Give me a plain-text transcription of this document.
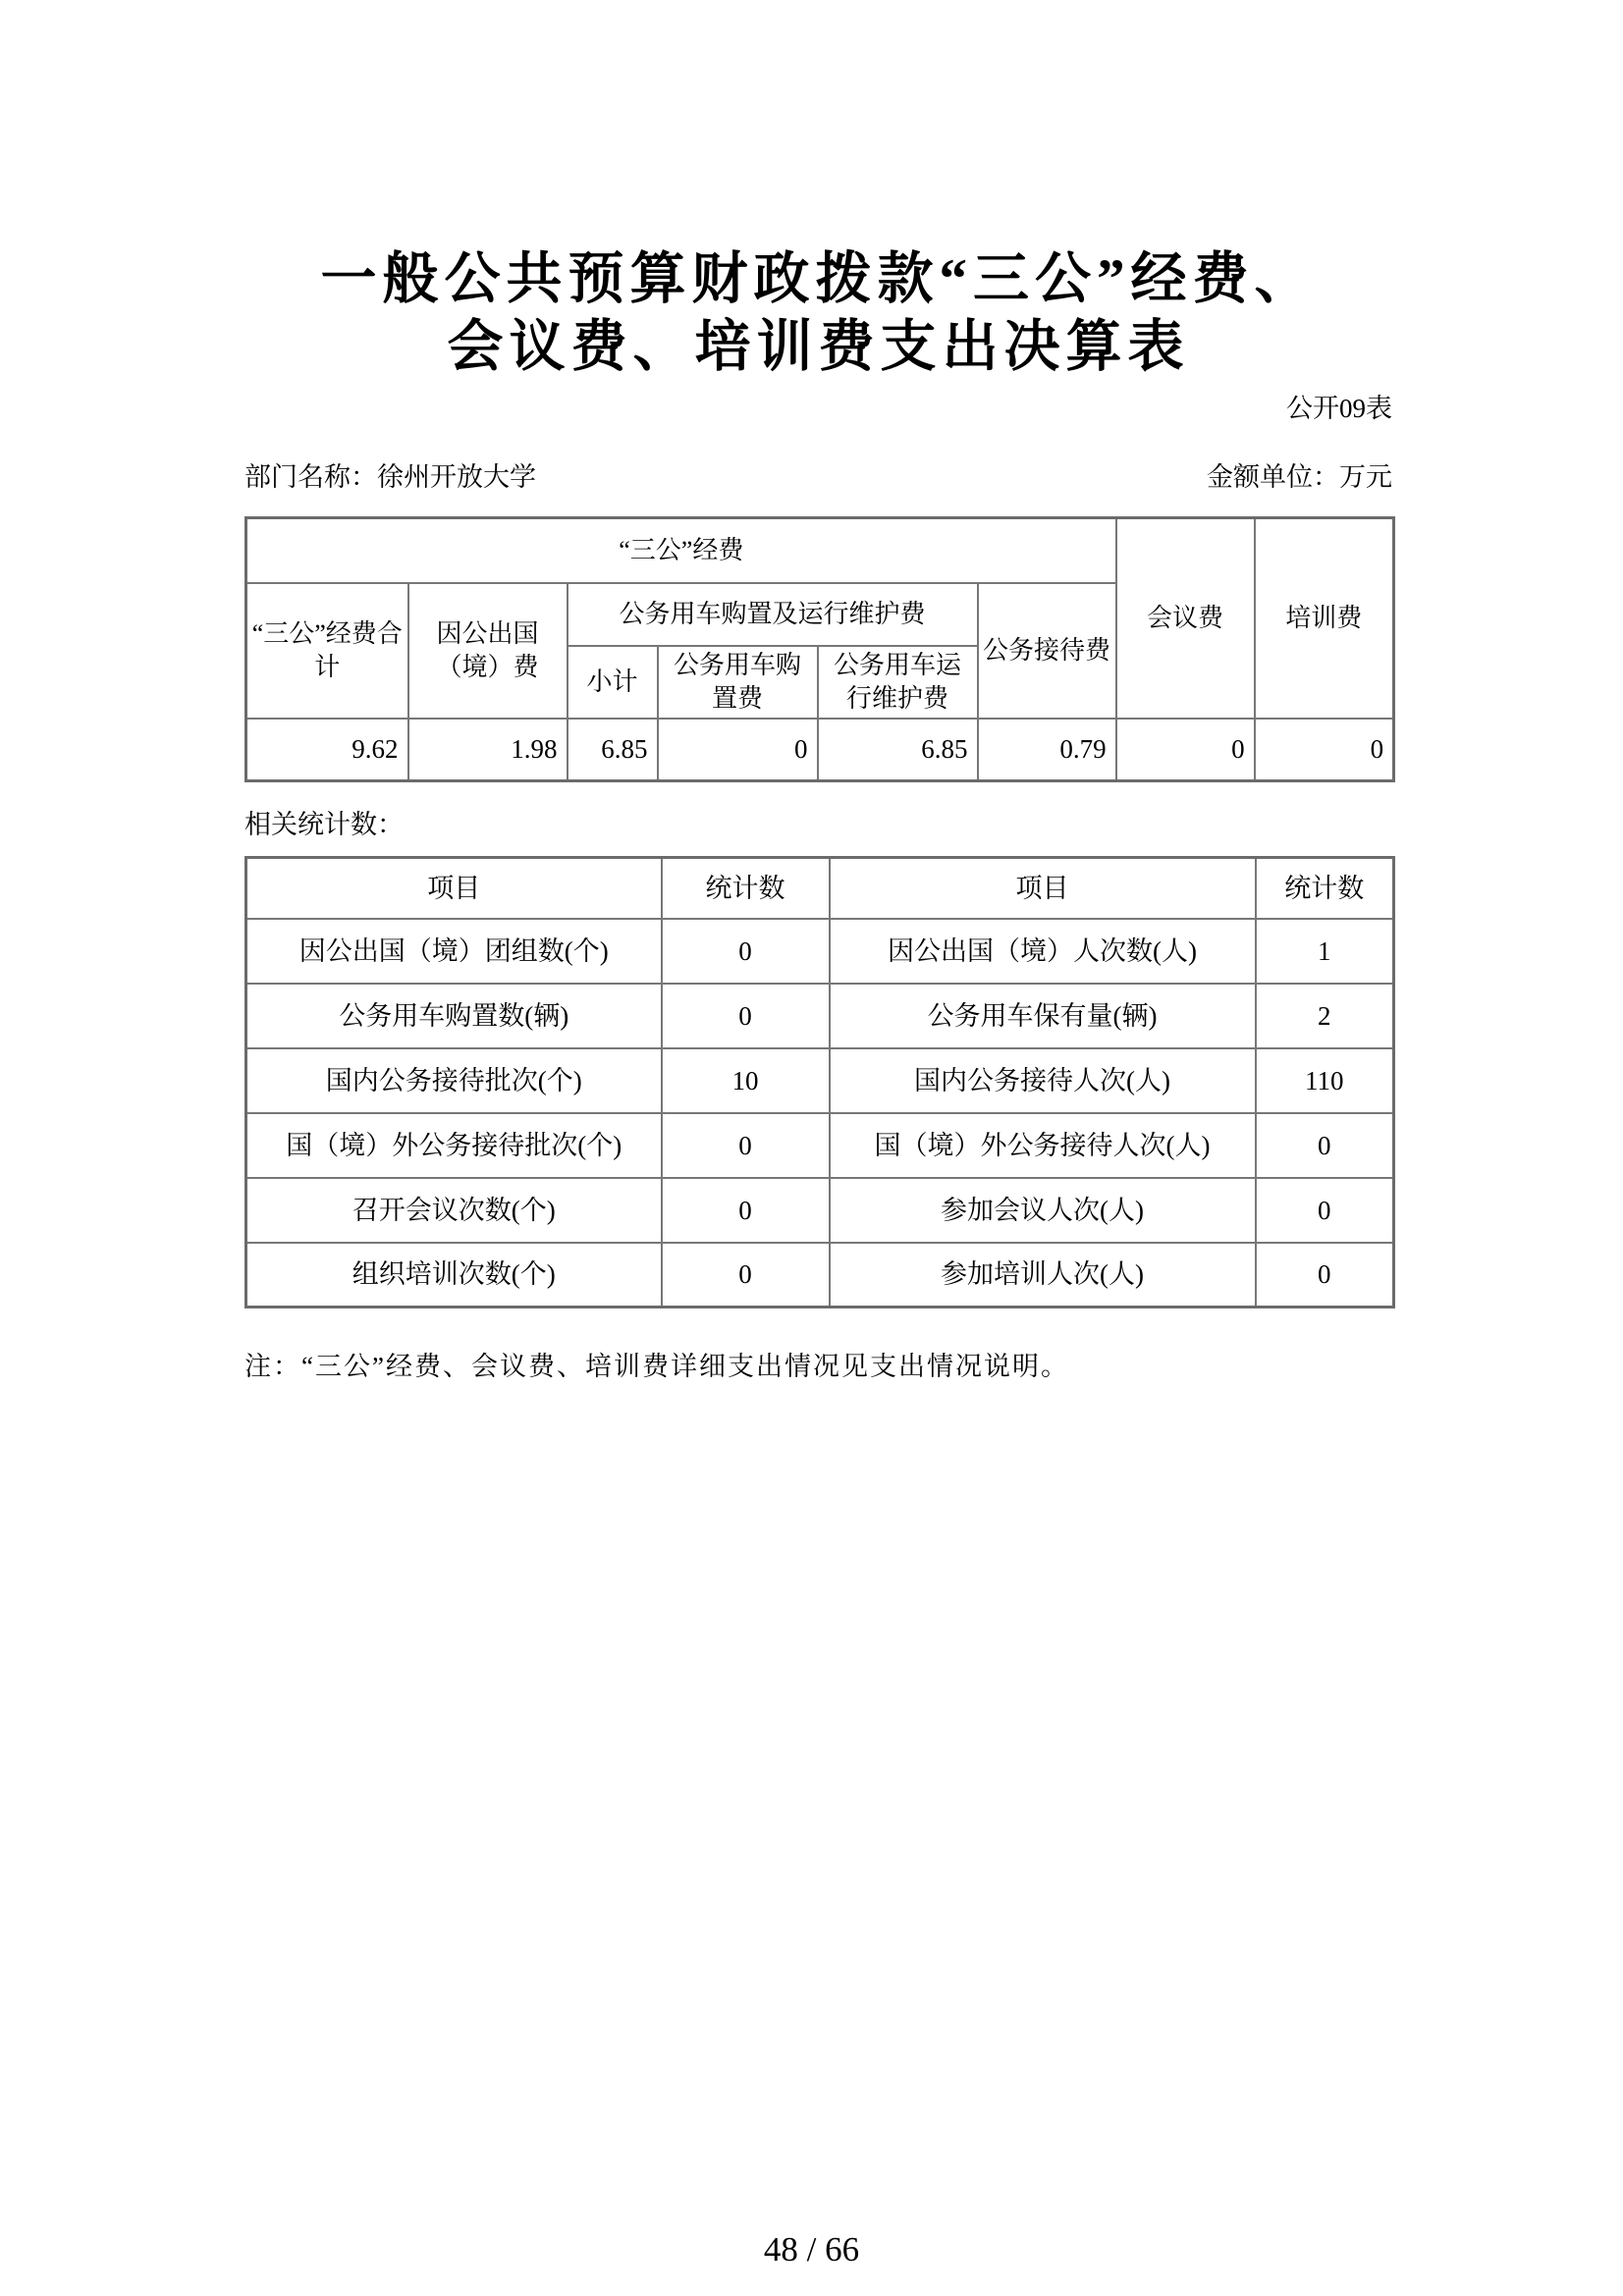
一般公共预算财政拨款“三公”经费、
会议费、培训费支出决算表
公开09表
部门名称：徐州开放大学	金额单位：万元
“三公”经费						会议费	培训费
“三公”经费合计	因公出国（境）费	公务用车购置及运行维护费			公务接待费		
		小计	公务用车购置费	公务用车运行维护费			
9.62	1.98	6.85	0	6.85	0.79	0	0
相关统计数：
项目	统计数	项目	统计数
因公出国（境）团组数(个)	0	因公出国（境）人次数(人)	1
公务用车购置数(辆)	0	公务用车保有量(辆)	2
国内公务接待批次(个)	10	国内公务接待人次(人)	110
国（境）外公务接待批次(个)	0	国（境）外公务接待人次(人)	0
召开会议次数(个)	0	参加会议人次(人)	0
组织培训次数(个)	0	参加培训人次(人)	0
注：“三公”经费、会议费、培训费详细支出情况见支出情况说明。
48 / 66
